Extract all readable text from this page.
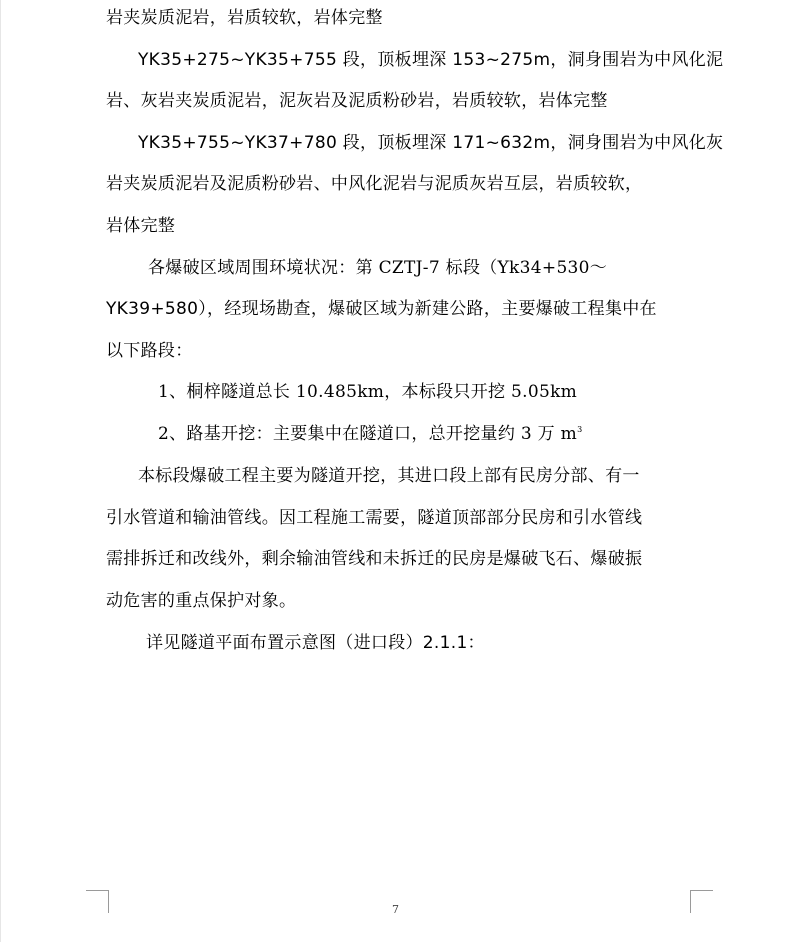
岩夹炭质泥岩，岩质较软，岩体完整
YK35+275~YK35+755 段，顶板埋深 153~275m，洞身围岩为中风化泥
岩、灰岩夹炭质泥岩，泥灰岩及泥质粉砂岩，岩质较软，岩体完整
YK35+755~YK37+780 段，顶板埋深 171~632m，洞身围岩为中风化灰
岩夹炭质泥岩及泥质粉砂岩、中风化泥岩与泥质灰岩互层，岩质较软，
岩体完整
各爆破区域周围环境状况：第 CZTJ-7 标段（Yk34+530～
YK39+580），经现场勘查，爆破区域为新建公路，主要爆破工程集中在
以下路段：
1、桐梓隧道总长 10.485km，本标段只开挖 5.05km
2、路基开挖：主要集中在隧道口，总开挖量约 3 万 $m^3$
本标段爆破工程主要为隧道开挖，其进口段上部有民房分部、有一
引水管道和输油管线。因工程施工需要，隧道顶部部分民房和引水管线
需排拆迁和改线外，剩余输油管线和未拆迁的民房是爆破飞石、爆破振
动危害的重点保护对象。
详见隧道平面布置示意图（进口段）2.1.1：
7
